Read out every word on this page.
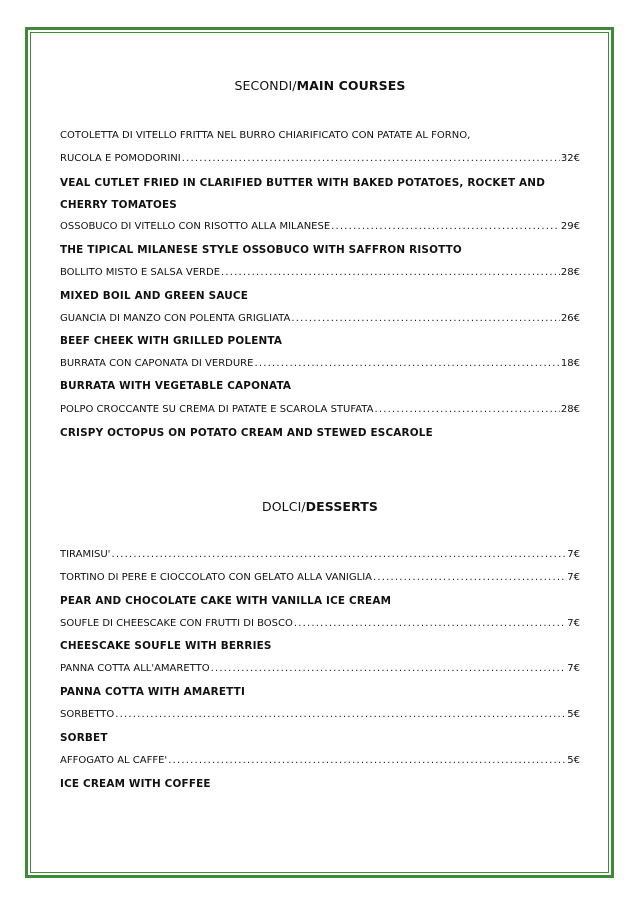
SECONDI/MAIN COURSES
COTOLETTA DI VITELLO FRITTA NEL BURRO CHIARIFICATO CON PATATE AL FORNO,
RUCOLA E POMODORINI .....	32€
VEAL CUTLET FRIED IN CLARIFIED BUTTER WITH BAKED POTATOES, ROCKET AND
CHERRY TOMATOES
OSSOBUCO DI VITELLO CON RISOTTO ALLA MILANESE .....	29€
THE TIPICAL MILANESE STYLE OSSOBUCO WITH SAFFRON RISOTTO
BOLLITO MISTO E SALSA VERDE .....	28€
MIXED BOIL AND GREEN SAUCE
GUANCIA DI MANZO CON POLENTA GRIGLIATA .....	26€
BEEF CHEEK WITH GRILLED POLENTA
BURRATA CON CAPONATA DI VERDURE .....	18€
BURRATA WITH VEGETABLE CAPONATA
POLPO CROCCANTE SU CREMA DI PATATE E SCAROLA STUFATA .....	28€
CRISPY OCTOPUS ON POTATO CREAM AND STEWED ESCAROLE
DOLCI/DESSERTS
TIRAMISU' .....	7€
TORTINO DI PERE E CIOCCOLATO CON GELATO ALLA VANIGLIA .....	7€
PEAR AND CHOCOLATE CAKE WITH VANILLA ICE CREAM
SOUFLE DI CHEESCAKE CON FRUTTI DI BOSCO .....	7€
CHEESCAKE SOUFLE WITH BERRIES
PANNA COTTA ALL'AMARETTO .....	7€
PANNA COTTA WITH AMARETTI
SORBETTO .....	5€
SORBET
AFFOGATO AL CAFFE' .....	5€
ICE CREAM WITH COFFEE
